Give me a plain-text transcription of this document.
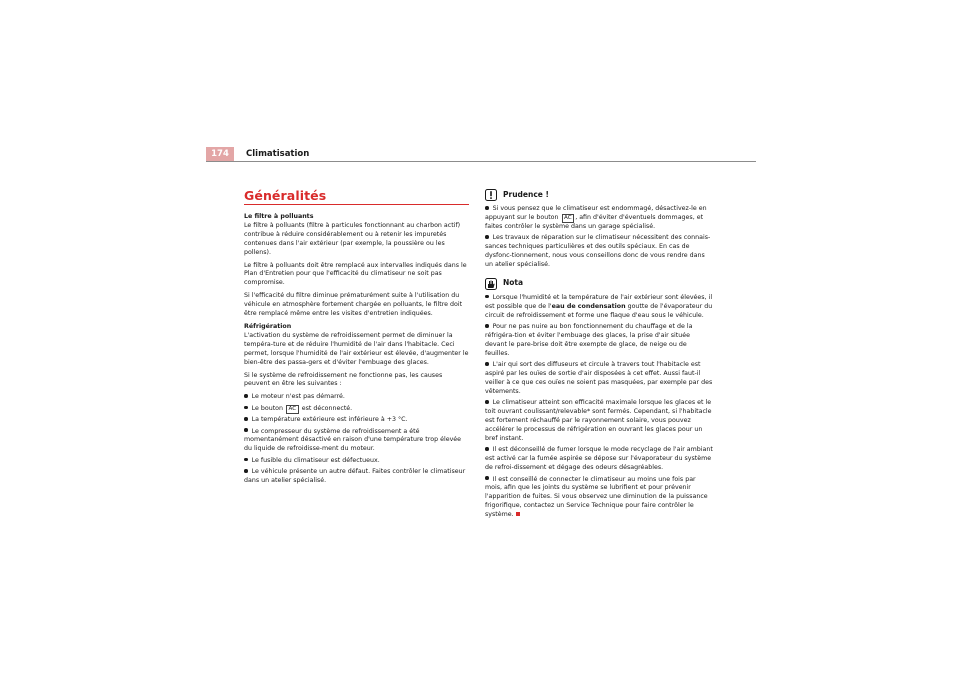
174	Climatisation
Généralités

Le filtre à polluants

Le filtre à polluants (filtre à particules fonctionnant au charbon actif) contribue à réduire considérablement ou à retenir les impuretés contenues dans l'air extérieur (par exemple, la poussière ou les pollens).

Le filtre à polluants doit être remplacé aux intervalles indiqués dans le Plan d'Entretien pour que l'efficacité du climatiseur ne soit pas compromise.

Si l'efficacité du filtre diminue prématurément suite à l'utilisation du véhicule en atmosphère fortement chargée en polluants, le filtre doit être remplacé même entre les visites d'entretien indiquées.

Réfrigération

L'activation du système de refroidissement permet de diminuer la tempéra-ture et de réduire l'humidité de l'air dans l'habitacle. Ceci permet, lorsque l'humidité de l'air extérieur est élevée, d'augmenter le bien-être des passa-gers et d'éviter l'embuage des glaces.

Si le système de refroidissement ne fonctionne pas, les causes peuvent en être les suivantes :

Le moteur n'est pas démarré.

Le bouton AC est déconnecté.

La température extérieure est inférieure à +3 °C.

Le compresseur du système de refroidissement a été momentanément désactivé en raison d'une température trop élevée du liquide de refroidisse-ment du moteur.

Le fusible du climatiseur est défectueux.

Le véhicule présente un autre défaut. Faites contrôler le climatiseur dans un atelier spécialisé.

Prudence !

Si vous pensez que le climatiseur est endommagé, désactivez-le en appuyant sur le bouton AC , afin d'éviter d'éventuels dommages, et faites contrôler le système dans un garage spécialisé.

Les travaux de réparation sur le climatiseur nécessitent des connais-sances techniques particulières et des outils spéciaux. En cas de dysfonc-tionnement, nous vous conseillons donc de vous rendre dans un atelier spécialisé.

Nota

Lorsque l'humidité et la température de l'air extérieur sont élevées, il est possible que de l'eau de condensation goutte de l'évaporateur du circuit de refroidissement et forme une flaque d'eau sous le véhicule.

Pour ne pas nuire au bon fonctionnement du chauffage et de la réfrigéra-tion et éviter l'embuage des glaces, la prise d'air située devant le pare-brise doit être exempte de glace, de neige ou de feuilles.

L'air qui sort des diffuseurs et circule à travers tout l'habitacle est aspiré par les ouïes de sortie d'air disposées à cet effet. Aussi faut-il veiller à ce que ces ouïes ne soient pas masquées, par exemple par des vêtements.

Le climatiseur atteint son efficacité maximale lorsque les glaces et le toit ouvrant coulissant/relevable* sont fermés. Cependant, si l'habitacle est fortement réchauffé par le rayonnement solaire, vous pouvez accélérer le processus de réfrigération en ouvrant les glaces pour un bref instant.

Il est déconseillé de fumer lorsque le mode recyclage de l'air ambiant est activé car la fumée aspirée se dépose sur l'évaporateur du système de refroi-dissement et dégage des odeurs désagréables.

Il est conseillé de connecter le climatiseur au moins une fois par mois, afin que les joints du système se lubrifient et pour prévenir l'apparition de fuites. Si vous observez une diminution de la puissance frigorifique, contactez un Service Technique pour faire contrôler le système.
